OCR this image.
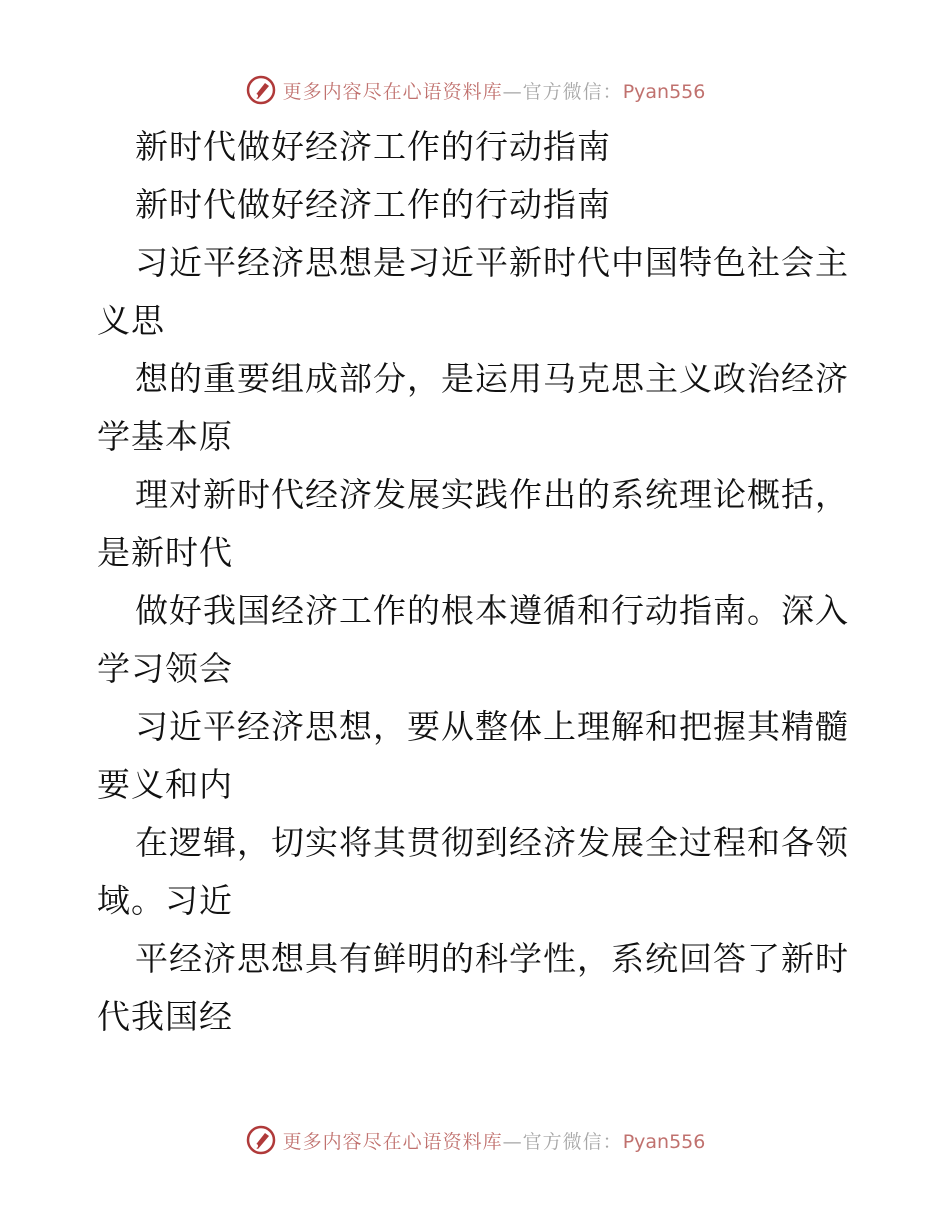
更多内容尽在心语资料库—官方微信：Pyan556
新时代做好经济工作的行动指南
新时代做好经济工作的行动指南
习近平经济思想是习近平新时代中国特色社会主
义思
想的重要组成部分，是运用马克思主义政治经济
学基本原
理对新时代经济发展实践作出的系统理论概括，
是新时代
做好我国经济工作的根本遵循和行动指南。深入
学习领会
习近平经济思想，要从整体上理解和把握其精髓
要义和内
在逻辑，切实将其贯彻到经济发展全过程和各领
域。习近
平经济思想具有鲜明的科学性，系统回答了新时
代我国经
更多内容尽在心语资料库—官方微信：Pyan556
